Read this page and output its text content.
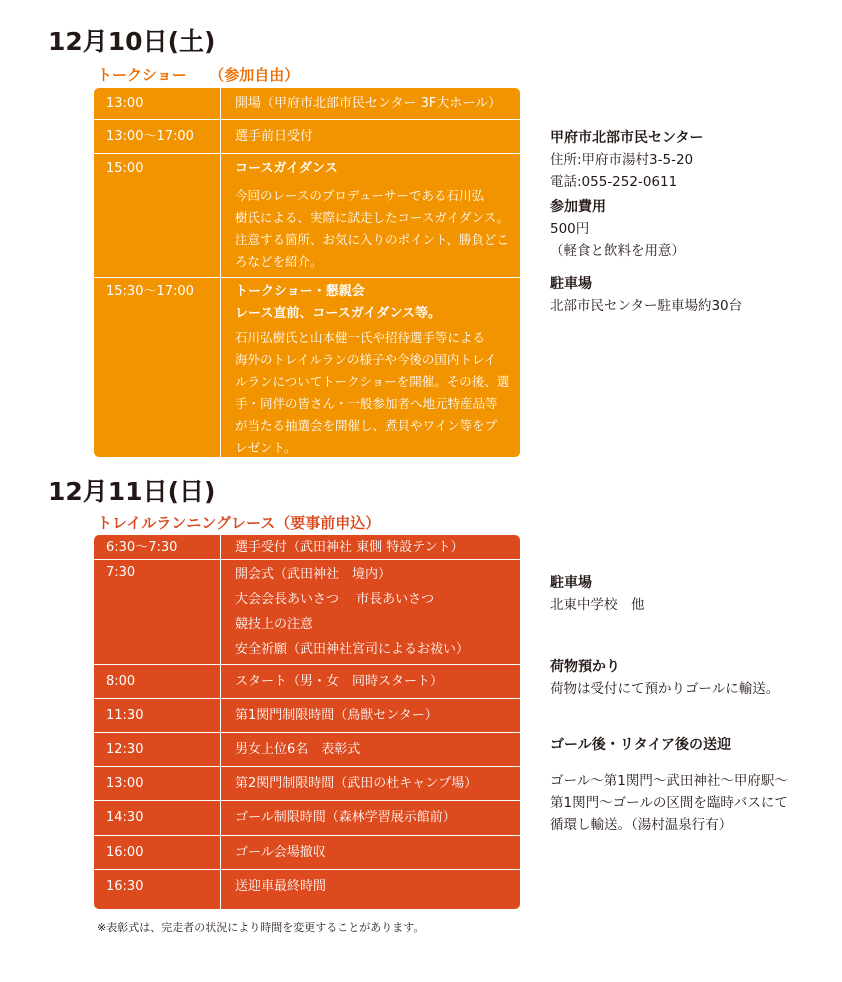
12月10日(土)
トークショー　　（参加自由）
13:00	開場（甲府市北部市民センター 3F大ホール）
13:00～17:00	選手前日受付
15:00	コースガイダンス
今回のレースのプロデューサーである石川弘
樹氏による、実際に試走したコースガイダンス。
注意する箇所、お気に入りのポイント、勝負どこ
ろなどを紹介。
15:30～17:00	トークショー・懇親会
レース直前、コースガイダンス等。
石川弘樹氏と山本健一氏や招待選手等による
海外のトレイルランの様子や今後の国内トレイ
ルランについてトークショーを開催。その後、選
手・同伴の皆さん・一般参加者へ地元特産品等
が当たる抽選会を開催し、煮貝やワイン等をプ
レゼント。
甲府市北部市民センター
住所:甲府市湯村3-5-20
電話:055-252-0611
参加費用
500円
（軽食と飲料を用意）
駐車場
北部市民センター駐車場約30台
12月11日(日)
トレイルランニングレース（要事前申込）
6:30～7:30	選手受付（武田神社 東側 特設テント）
7:30	開会式（武田神社　境内）
大会会長あいさつ　 市長あいさつ
競技上の注意
安全祈願（武田神社宮司によるお祓い）
8:00	スタート（男・女　同時スタート）
11:30	第1関門制限時間（鳥獣センター）
12:30	男女上位6名　表彰式
13:00	第2関門制限時間（武田の杜キャンプ場）
14:30	ゴール制限時間（森林学習展示館前）
16:00	ゴール会場撤収
16:30	送迎車最終時間
※表彰式は、完走者の状況により時間を変更することがあります。
駐車場
北東中学校　他
荷物預かり
荷物は受付にて預かりゴールに輸送。
ゴール後・リタイア後の送迎
ゴール～第1関門～武田神社～甲府駅～
第1関門～ゴールの区間を臨時バスにて
循環し輸送。（湯村温泉行有）
